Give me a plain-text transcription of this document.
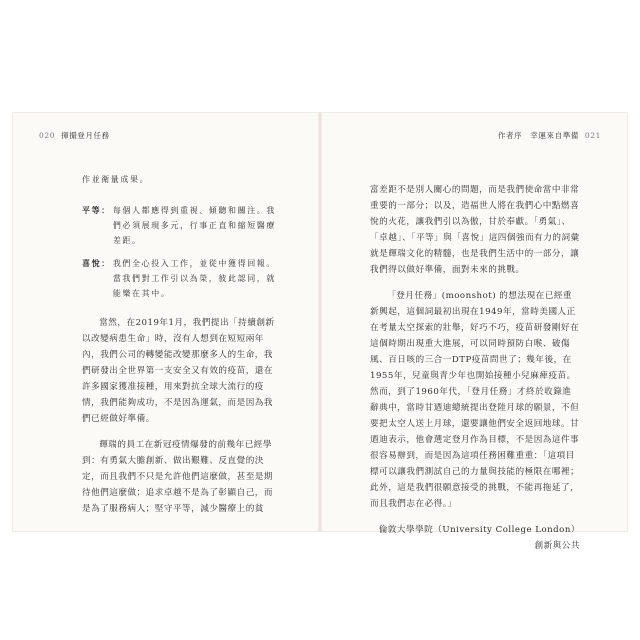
020 揮撮登月任務

作並衛量成果。

平等： 每個人都應得到重視、傾聽和關注。我們必須展現多元，行事正直和縮短醫療差距。
喜悅： 我們全心投入工作，並從中獲得回報。當我們對工作引以為榮，彼此認同，就能樂在其中。

當然，在2019年1月，我們提出「持續創新以改變病患生命」時，沒有人想到在短短兩年內，我們公司的轉變能改變那麼多人的生命，我們研發出全世界第一支安全又有效的疫苗，還在許多國家獲准接種，用來對抗全球大流行的疫情，我們能夠成功，不是因為運氣，而是因為我們已經做好準備。

輝瑞的員工在新冠疫情爆發的前幾年已經學到：有勇氣大膽創新、做出艱難、反直覺的決定，而且我們不只是允許他們這麼做，甚至是期待他們這麼做；追求卓越不是為了彰顯自己，而是為了服務病人；堅守平等，減少醫療上的貧

作者序　幸運來自準備 021

富差距不是別人關心的問題，而是我們使命當中非常重要的一部分；以及，造福世人將在我們心中點燃喜悅的火花，讓我們引以為傲，甘於奉獻。「勇氣」、「卓越」、「平等」與「喜悅」這四個強而有力的詞彙就是輝瑞文化的精髓，也是我們生活中的一部分，讓我們得以做好準備，面對未來的挑戰。

「登月任務」(moonshot) 的想法現在已經重新興起，這個詞最初出現在1949年，當時美國人正在考量太空探索的壯舉，好巧不巧，疫苗研發剛好在這個時期出現重大進展，可以同時預防白喉、破傷風、百日咳的三合一DTP疫苗問世了；幾年後，在1955年，兒童與青少年也開始接種小兒麻痺疫苗。然而，到了1960年代，「登月任務」才終於收錄進辭典中，當時甘迺迪總統提出登陸月球的願景，不但要把太空人送上月球，還要讓他們安全返回地球。甘迺迪表示，他會選定登月作為目標，不是因為這件事很容易辦到，而是因為這項任務困難重重：「這項目標可以讓我們測試自己的力量與技能的極限在哪裡；此外，這是我們很願意接受的挑戰，不能再拖延了，而且我們志在必得。」

倫敦大學學院（University College London）創新與公共
